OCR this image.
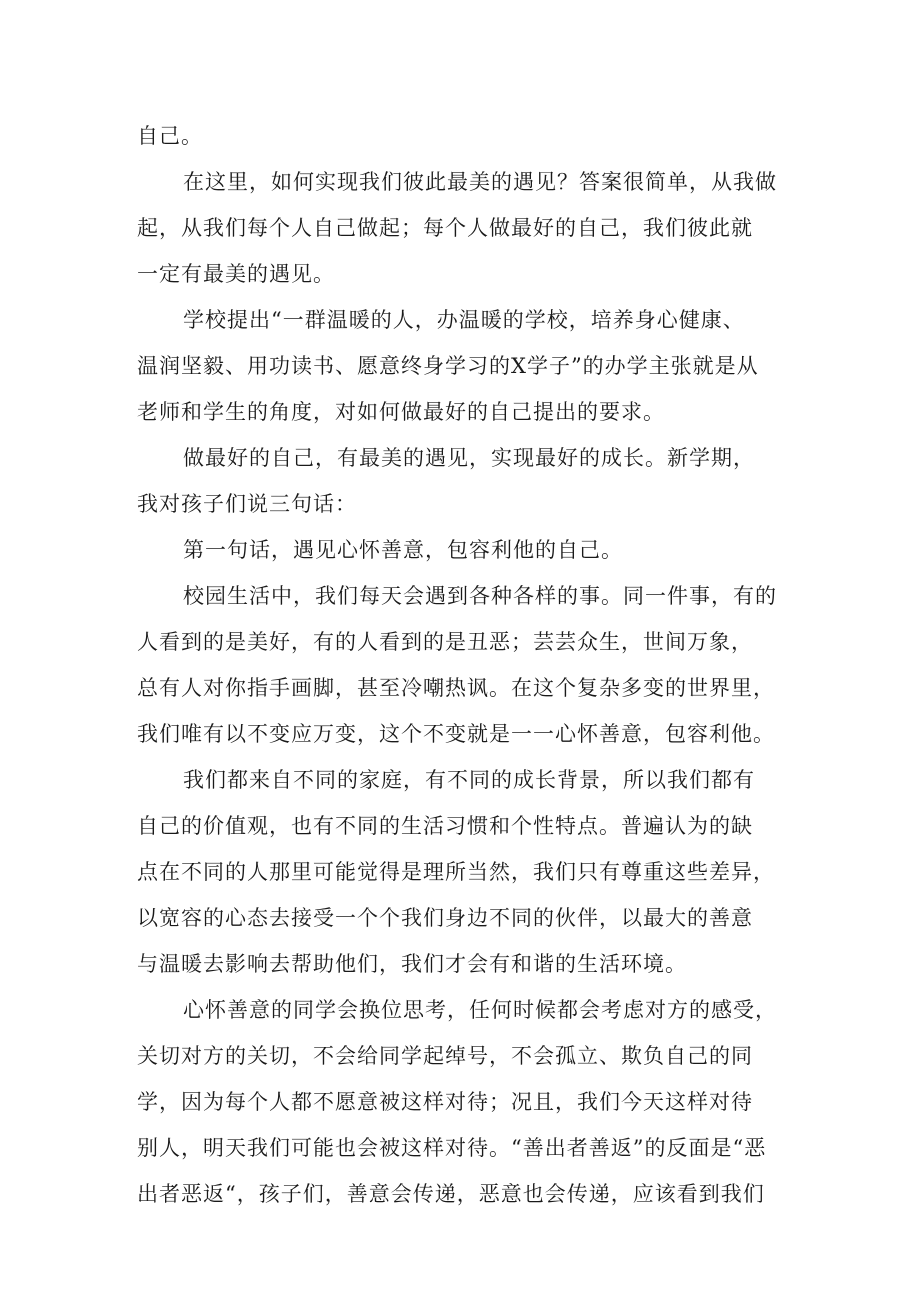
自己。
在这里，如何实现我们彼此最美的遇见？答案很简单，从我做
起，从我们每个人自己做起；每个人做最好的自己，我们彼此就
一定有最美的遇见。
学校提出“一群温暖的人，办温暖的学校，培养身心健康、
温润坚毅、用功读书、愿意终身学习的X学子”的办学主张就是从
老师和学生的角度，对如何做最好的自己提出的要求。
做最好的自己，有最美的遇见，实现最好的成长。新学期，
我对孩子们说三句话：
第一句话，遇见心怀善意，包容利他的自己。
校园生活中，我们每天会遇到各种各样的事。同一件事，有的
人看到的是美好，有的人看到的是丑恶；芸芸众生，世间万象，
总有人对你指手画脚，甚至冷嘲热讽。在这个复杂多变的世界里，
我们唯有以不变应万变，这个不变就是一一心怀善意，包容利他。
我们都来自不同的家庭，有不同的成长背景，所以我们都有
自己的价值观，也有不同的生活习惯和个性特点。普遍认为的缺
点在不同的人那里可能觉得是理所当然，我们只有尊重这些差异，
以宽容的心态去接受一个个我们身边不同的伙伴，以最大的善意
与温暖去影响去帮助他们，我们才会有和谐的生活环境。
心怀善意的同学会换位思考，任何时候都会考虑对方的感受，
关切对方的关切，不会给同学起绰号，不会孤立、欺负自己的同
学，因为每个人都不愿意被这样对待；况且，我们今天这样对待
别人，明天我们可能也会被这样对待。“善出者善返”的反面是“恶
出者恶返“，孩子们，善意会传递，恶意也会传递，应该看到我们
